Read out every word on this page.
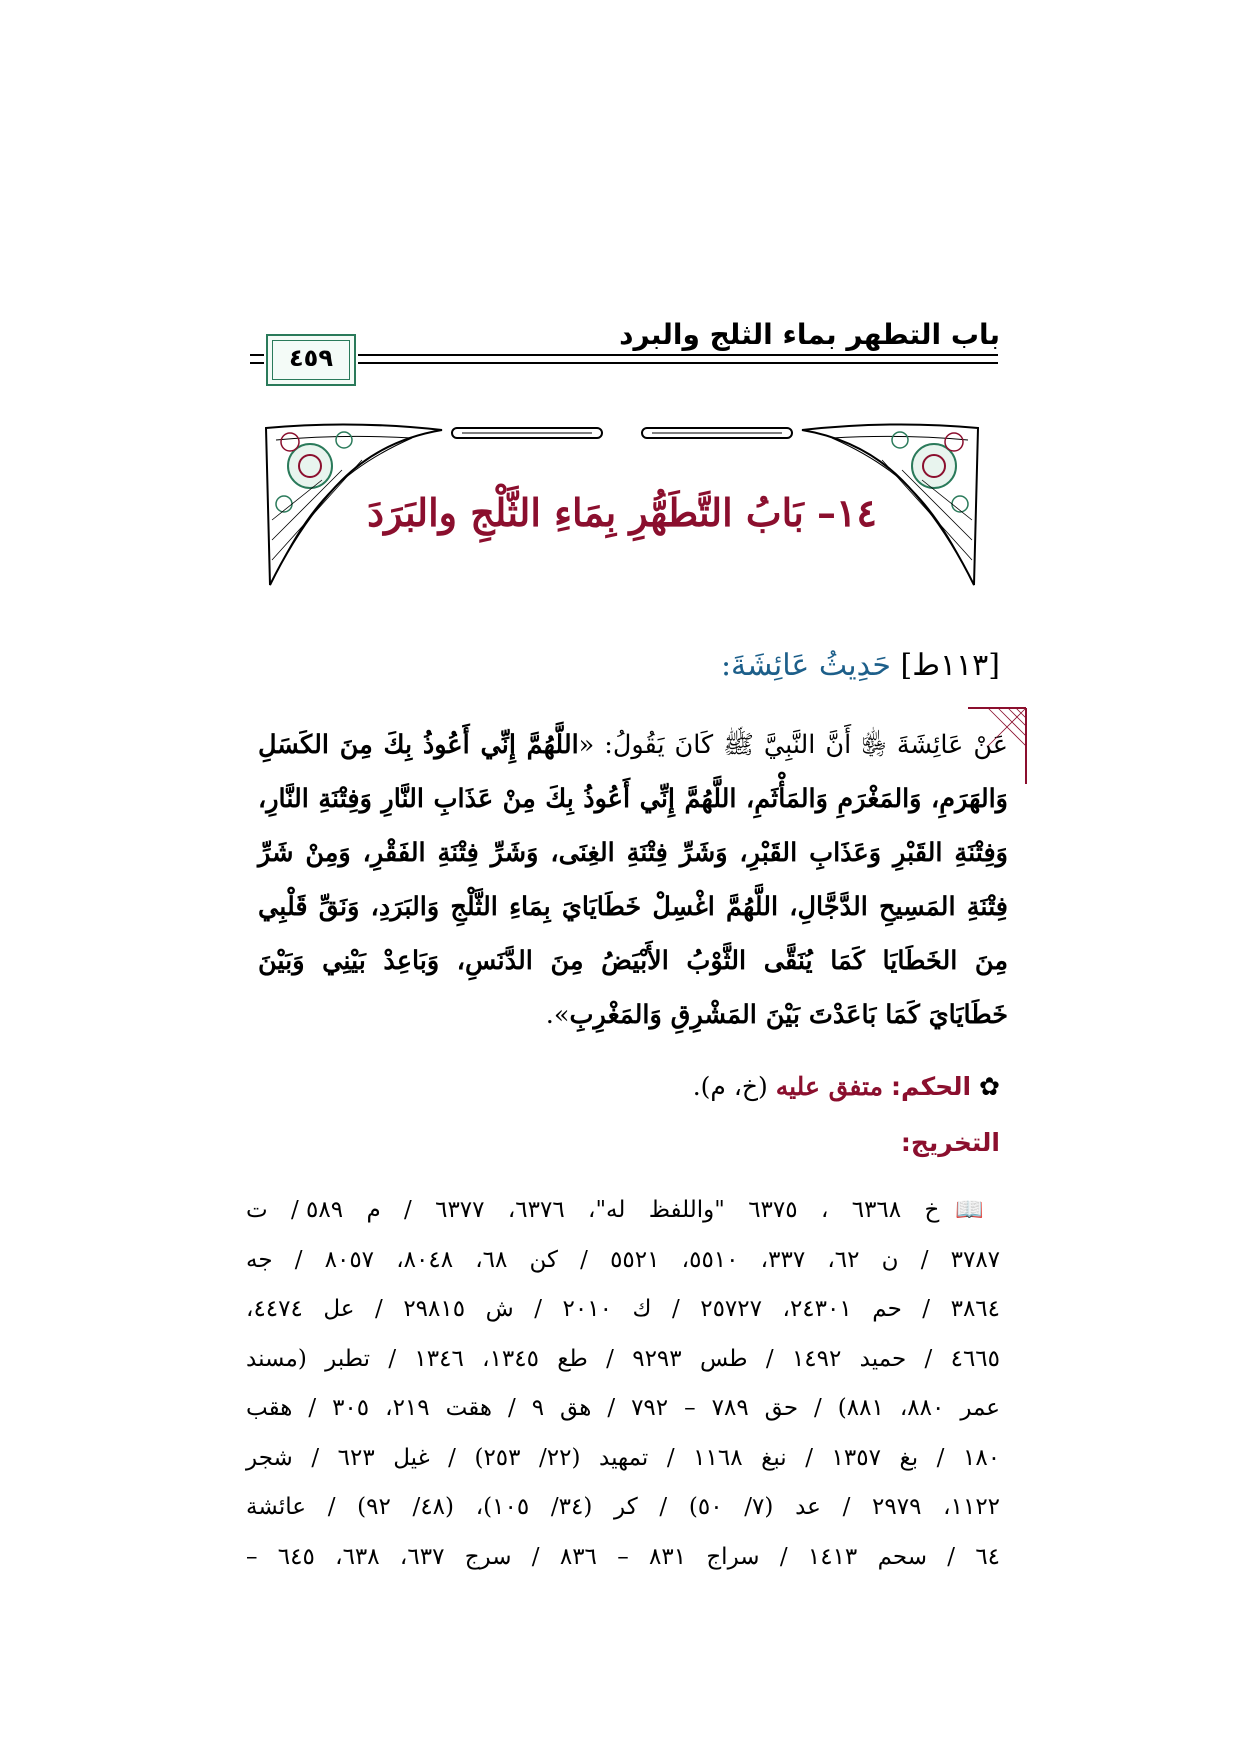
باب التطهر بماء الثلج والبرد
٤٥٩
١٤– بَابُ التَّطَهُّرِ بِمَاءِ الثَّلْجِ والبَرَدَ
[١١٣ط] حَدِيثُ عَائِشَةَ:
عَنْ عَائِشَةَ ﵂ أَنَّ النَّبِيَّ ﷺ كَانَ يَقُولُ: «اللَّهُمَّ إِنِّي أَعُوذُ بِكَ مِنَ الكَسَلِ وَالهَرَمِ، وَالمَغْرَمِ وَالمَأْثَمِ، اللَّهُمَّ إِنِّي أَعُوذُ بِكَ مِنْ عَذَابِ النَّارِ وَفِتْنَةِ النَّارِ، وَفِتْنَةِ القَبْرِ وَعَذَابِ القَبْرِ، وَشَرِّ فِتْنَةِ الغِنَى، وَشَرِّ فِتْنَةِ الفَقْرِ، وَمِنْ شَرِّ فِتْنَةِ المَسِيحِ الدَّجَّالِ، اللَّهُمَّ اغْسِلْ خَطَايَايَ بِمَاءِ الثَّلْجِ وَالبَرَدِ، وَنَقِّ قَلْبِي مِنَ الخَطَايَا كَمَا يُنَقَّى الثَّوْبُ الأَبْيَضُ مِنَ الدَّنَسِ، وَبَاعِدْ بَيْنِي وَبَيْنَ خَطَايَايَ كَمَا بَاعَدْتَ بَيْنَ المَشْرِقِ وَالمَغْرِبِ».
✿ الحكم: متفق عليه (خ، م).
التخريج:
📖خ ٦٣٦٨ ، ٦٣٧٥ "واللفظ له"، ٦٣٧٦، ٦٣٧٧ / م ٥٨٩ / ت
٣٧٨٧ / ن ٦٢، ٣٣٧، ٥٥١٠، ٥٥٢١ / كن ٦٨، ٨٠٤٨، ٨٠٥٧ / جه
٣٨٦٤ / حم ٢٤٣٠١، ٢٥٧٢٧ / ك ٢٠١٠ / ش ٢٩٨١٥ / عل ٤٤٧٤،
٤٦٦٥ / حميد ١٤٩٢ / طس ٩٢٩٣ / طع ١٣٤٥، ١٣٤٦ / تطبر (مسند
عمر ٨٨٠، ٨٨١) / حق ٧٨٩ – ٧٩٢ / هق ٩ / هقت ٢١٩، ٣٠٥ / هقب
١٨٠ / بغ ١٣٥٧ / نبغ ١١٦٨ / تمهيد (٢٢/ ٢٥٣) / غيل ٦٢٣ / شجر
١١٢٢، ٢٩٧٩ / عد (٧/ ٥٠) / كر (٣٤/ ١٠٥)، (٤٨/ ٩٢) / عائشة
٦٤ / سحم ١٤١٣ / سراج ٨٣١ – ٨٣٦ / سرج ٦٣٧، ٦٣٨، ٦٤٥ –
